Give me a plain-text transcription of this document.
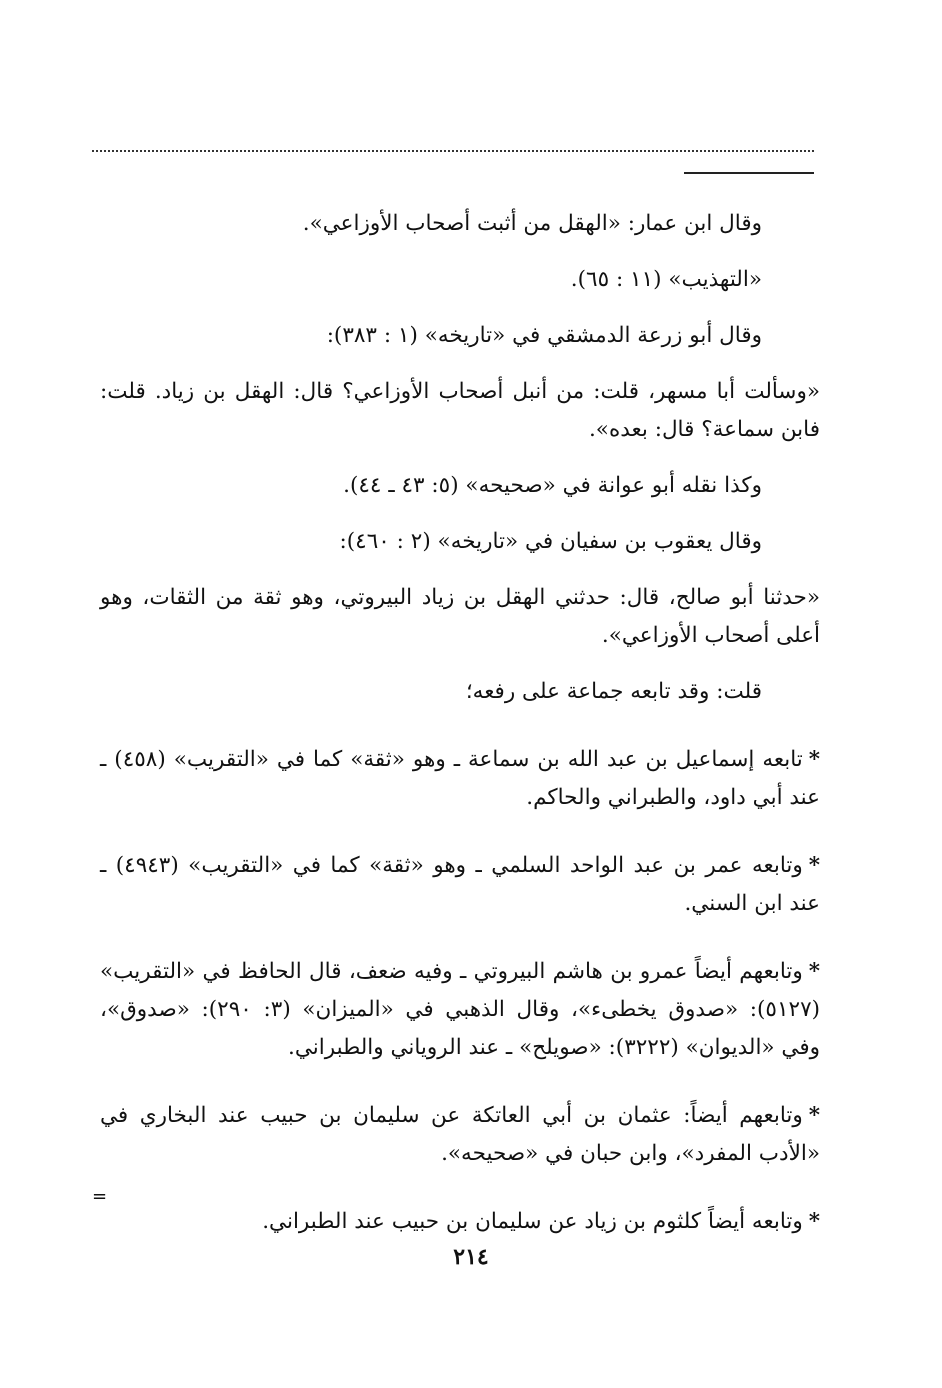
وقال ابن عمار: «الهقل من أثبت أصحاب الأوزاعي».

«التهذيب» (١١ : ٦٥).

وقال أبو زرعة الدمشقي في «تاريخه» (١ : ٣٨٣):

«وسألت أبا مسهر، قلت: من أنبل أصحاب الأوزاعي؟ قال: الهقل بن زياد. قلت: فابن سماعة؟ قال: بعده».

وكذا نقله أبو عوانة في «صحيحه» (٥: ٤٣ ـ ٤٤).

وقال يعقوب بن سفيان في «تاريخه» (٢ : ٤٦٠):

«حدثنا أبو صالح، قال: حدثني الهقل بن زياد البيروتي، وهو ثقة من الثقات، وهو أعلى أصحاب الأوزاعي».

قلت: وقد تابعه جماعة على رفعه؛

*تابعه إسماعيل بن عبد الله بن سماعة ـ وهو «ثقة» كما في «التقريب» (٤٥٨) ـ عند أبي داود، والطبراني والحاكم.

*وتابعه عمر بن عبد الواحد السلمي ـ وهو «ثقة» كما في «التقريب» (٤٩٤٣) ـ عند ابن السني.

*وتابعهم أيضاً عمرو بن هاشم البيروتي ـ وفيه ضعف، قال الحافظ في «التقريب» (٥١٢٧): «صدوق يخطىء»، وقال الذهبي في «الميزان» (٣: ٢٩٠): «صدوق»، وفي «الديوان» (٣٢٢٢): «صويلح» ـ عند الروياني والطبراني.

*وتابعهم أيضاً: عثمان بن أبي العاتكة عن سليمان بن حبيب عند البخاري في «الأدب المفرد»، وابن حبان في «صحيحه».

*وتابعه أيضاً كلثوم بن زياد عن سليمان بن حبيب عند الطبراني.

=
٢١٤
